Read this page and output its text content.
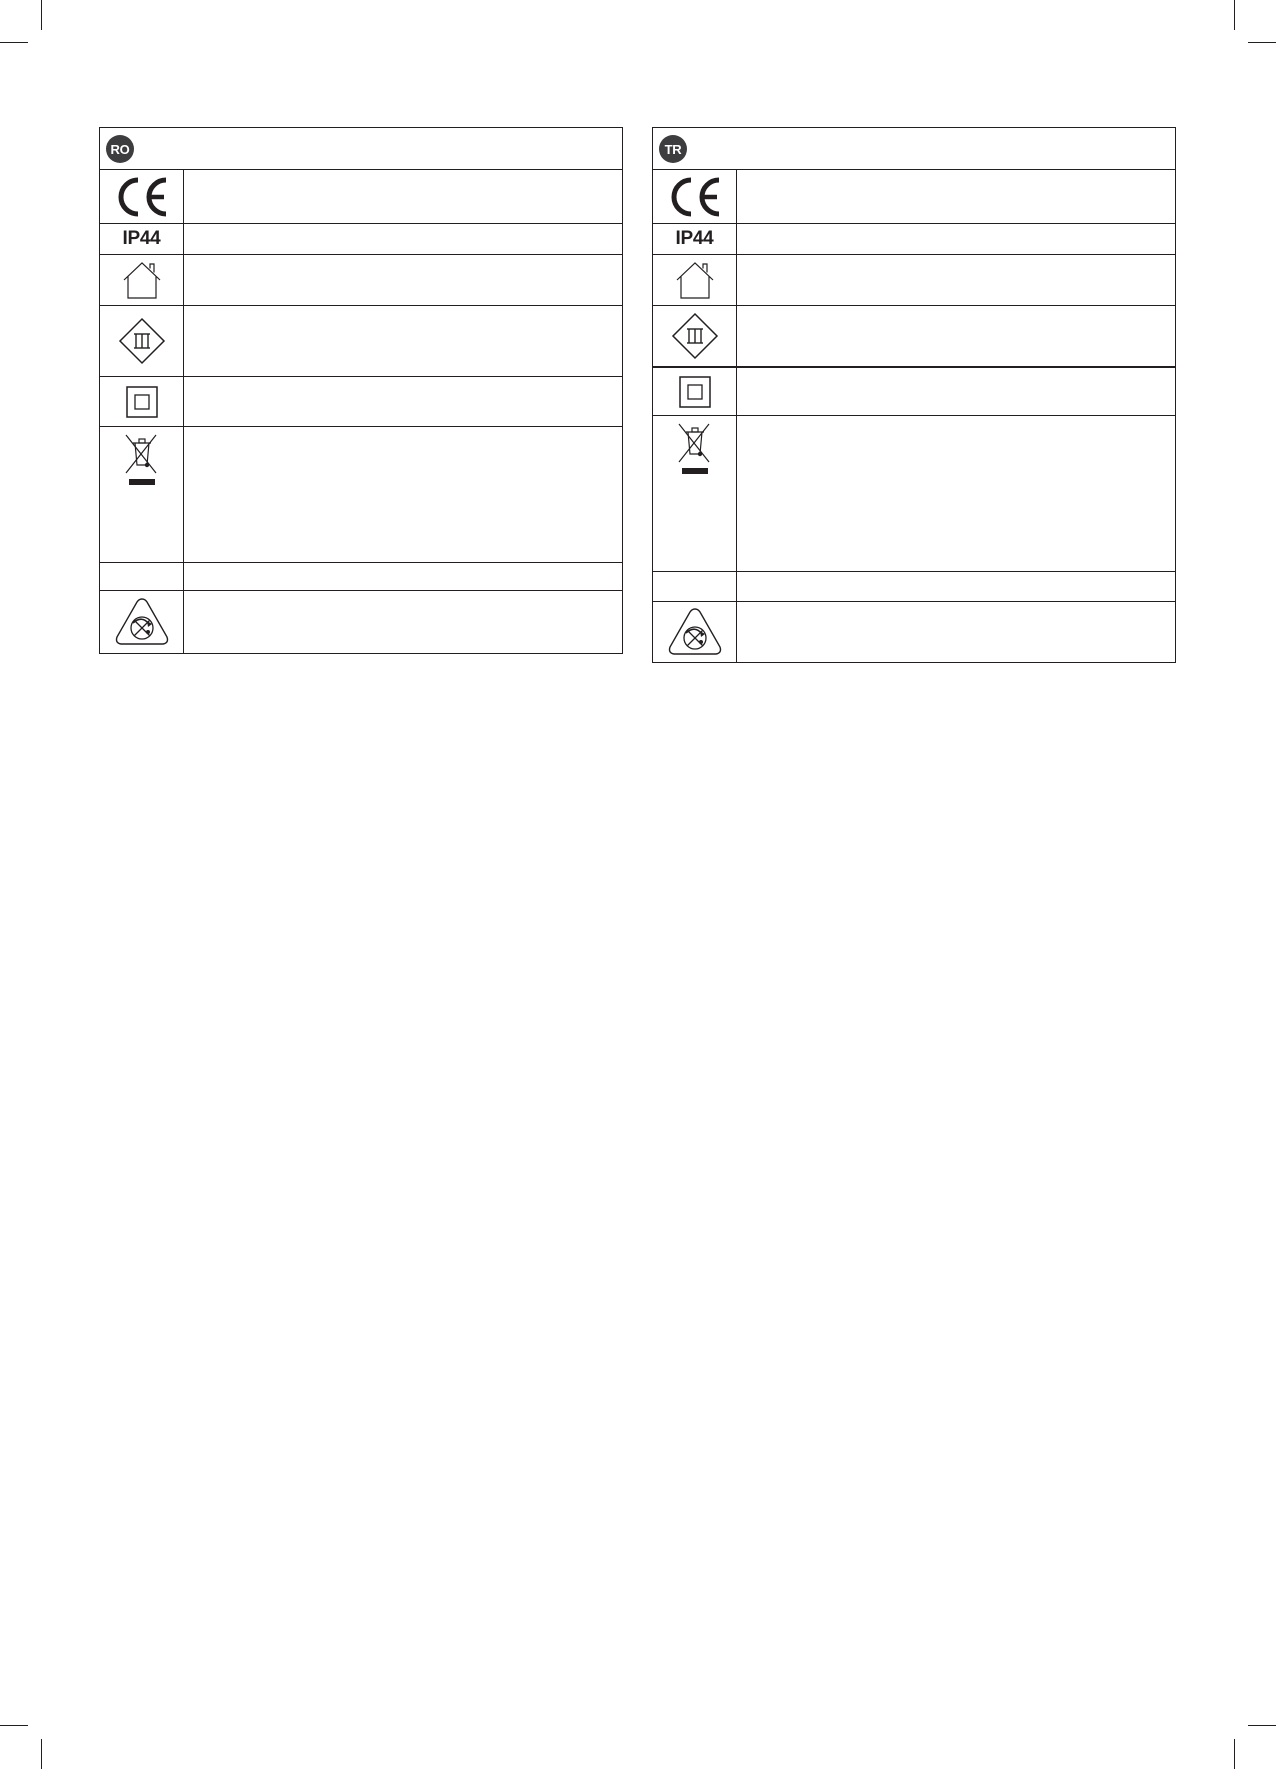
RO
IP44
TR
IP44
